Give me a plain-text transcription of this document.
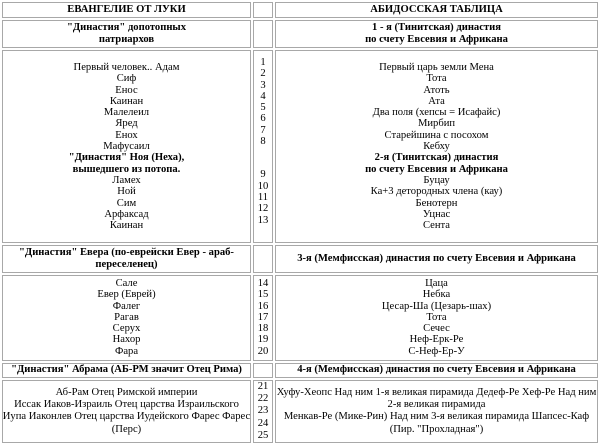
ЕВАНГЕЛИЕ ОТ ЛУКИ	АБИДОССКАЯ ТАБЛИЦА
"Династия" допотопных
патриархов
1 - я (Тинитская) династия
по счету Евсевия и Африкана
Первый человек.. Адам
Сиф
Енос
Каинан
Малелеил
Яред
Енох
Мафусаил
"Династия" Ноя (Неха),
вышедшего из потопа.
Ламех
Ной
Сим
Арфаксад
Каинан
1
2
3
4
5
6
7
8
9
10
11
12
13
Первый царь земли Мена
Тота
Атоть
Ата
Два поля (хепсы = Исафайс)
Мирбип
Старейшина с посохом
Кебху
2-я (Тинитская) династия
по счету Евсевия и Африкана
Буцау
Ка+3 детородных члена (кау)
Бенотерн
Уцнас
Сента
"Династия" Евера (по-еврейски Евер - араб-
переселенец)
3-я (Мемфисская) династия по счету Евсевия и Африкана
Сале
Евер (Еврей)
Фалег
Рагав
Серух
Нахор
Фара
14
15
16
17
18
19
20
Цаца
Небка
Цесар-Ша (Цезарь-шах)
Тота
Сечес
Неф-Ерк-Ре
С-Неф-Ер-У
"Династия" Абрама (АБ-РМ значит Отец Рима)	4-я (Мемфисская) династия по счету Евсевия и Африкана
Аб-Рам Отец Римской империи
Иссак Иаков-Израиль Отец царства Израильского
Иупа Иаконлев Отец царства Иудейского Фарес Фарес
(Перс)
21
22
23
24
25
Хуфу-Хеопс Над ним 1-я великая пирамида Дедеф-Ре Хеф-Ре Над ним
2-я великая пирамида
Менкав-Ре (Мике-Рин) Над ним 3-я великая пирамида Шапсес-Каф
(Пир. "Прохладная")
